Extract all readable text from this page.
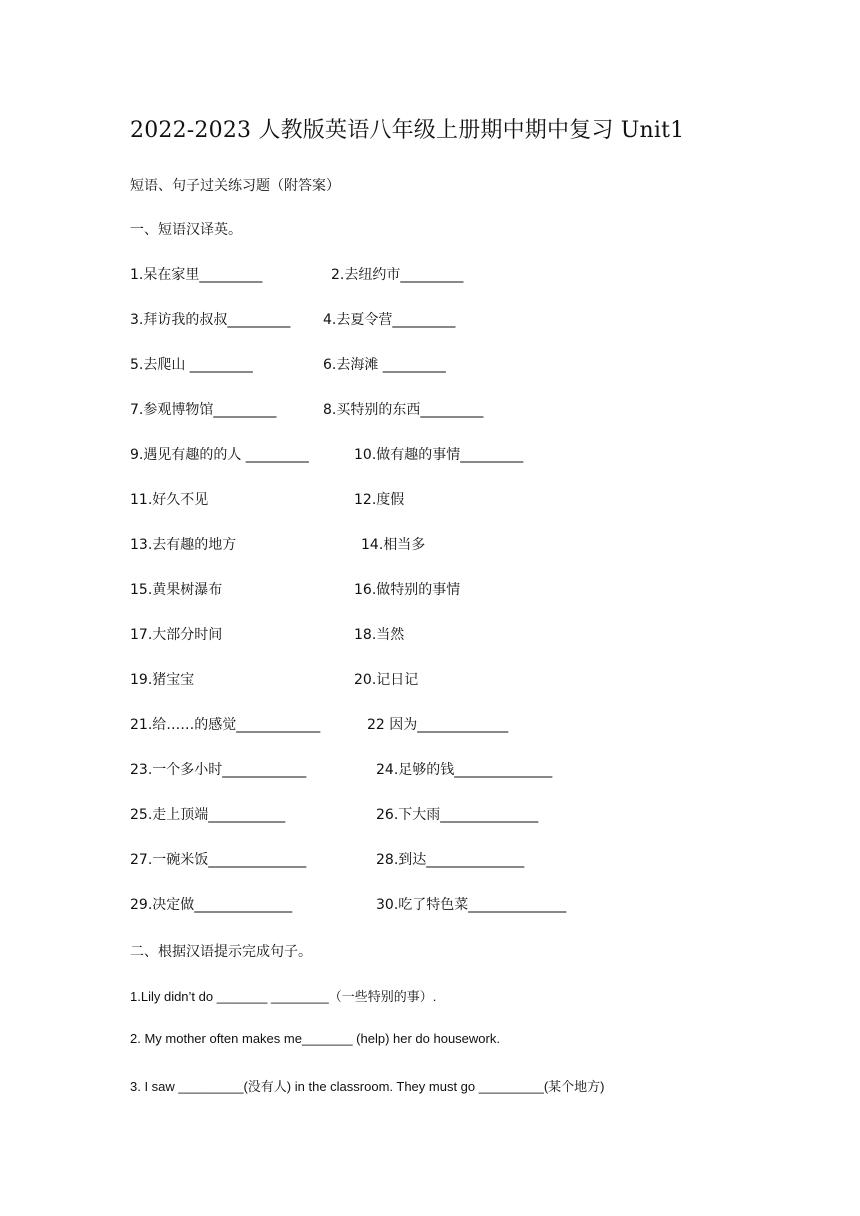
2022-2023 人教版英语八年级上册期中期中复习 Unit1
短语、句子过关练习题（附答案）
一、短语汉译英。
1.呆在家里_________	2.去纽约市_________
3.拜访我的叔叔_________ 4.去夏令营_________
5.去爬山 _________	6.去海滩 _________
7.参观博物馆_________	8.买特别的东西_________
9.遇见有趣的的人 _________	10.做有趣的事情_________
11.好久不见	12.度假
13.去有趣的地方	14.相当多
15.黄果树瀑布	16.做特别的事情
17.大部分时间	18.当然
19.猪宝宝	20.记日记
21.给……的感觉____________	22 因为_____________
23.一个多小时____________	24.足够的钱______________
25.走上顶端___________	26.下大雨______________
27.一碗米饭______________	28.到达______________
29.决定做______________	30.吃了特色菜______________
二、根据汉语提示完成句子。
1.Lily didn’t do _______ ________（一些特别的事）.
2. My mother often makes me_______ (help) her do housework.
3. I saw _________(没有人) in the classroom. They must go _________(某个地方)
